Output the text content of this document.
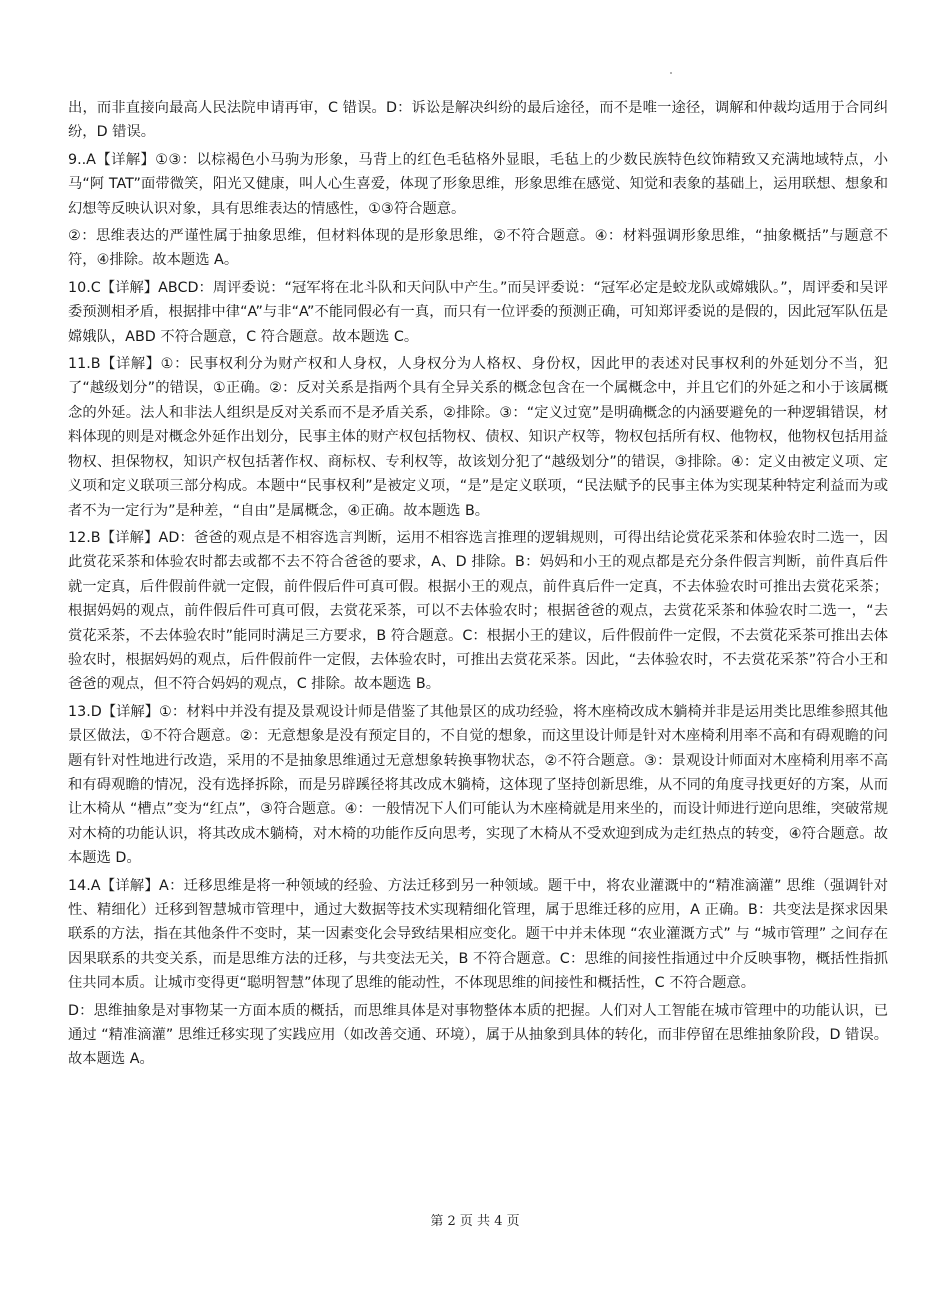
出，而非直接向最高人民法院申请再审，C 错误。D：诉讼是解决纠纷的最后途径，而不是唯一途径，调解和仲裁均适用于合同纠纷，D 错误。

9..A【详解】①③：以棕褐色小马驹为形象，马背上的红色毛毡格外显眼，毛毡上的少数民族特色纹饰精致又充满地域特点，小马“阿 TAT”面带微笑，阳光又健康，叫人心生喜爱，体现了形象思维，形象思维在感觉、知觉和表象的基础上，运用联想、想象和幻想等反映认识对象，具有思维表达的情感性，①③符合题意。

②：思维表达的严谨性属于抽象思维，但材料体现的是形象思维，②不符合题意。④：材料强调形象思维，“抽象概括”与题意不符，④排除。故本题选 A。

10.C【详解】ABCD：周评委说：“冠军将在北斗队和天问队中产生。”而吴评委说：“冠军必定是蛟龙队或嫦娥队。”，周评委和吴评委预测相矛盾，根据排中律“A”与非“A”不能同假必有一真，而只有一位评委的预测正确，可知郑评委说的是假的，因此冠军队伍是嫦娥队，ABD 不符合题意，C 符合题意。故本题选 C。

11.B【详解】①：民事权利分为财产权和人身权，人身权分为人格权、身份权，因此甲的表述对民事权利的外延划分不当，犯了“越级划分”的错误，①正确。②：反对关系是指两个具有全异关系的概念包含在一个属概念中，并且它们的外延之和小于该属概念的外延。法人和非法人组织是反对关系而不是矛盾关系，②排除。③：“定义过宽”是明确概念的内涵要避免的一种逻辑错误，材料体现的则是对概念外延作出划分，民事主体的财产权包括物权、债权、知识产权等，物权包括所有权、他物权，他物权包括用益物权、担保物权，知识产权包括著作权、商标权、专利权等，故该划分犯了“越级划分”的错误，③排除。④：定义由被定义项、定义项和定义联项三部分构成。本题中“民事权利”是被定义项，“是”是定义联项，“民法赋予的民事主体为实现某种特定利益而为或者不为一定行为”是种差，“自由”是属概念，④正确。故本题选 B。

12.B【详解】AD：爸爸的观点是不相容选言判断，运用不相容选言推理的逻辑规则，可得出结论赏花采茶和体验农时二选一，因此赏花采茶和体验农时都去或都不去不符合爸爸的要求，A、D 排除。B：妈妈和小王的观点都是充分条件假言判断，前件真后件就一定真，后件假前件就一定假，前件假后件可真可假。根据小王的观点，前件真后件一定真，不去体验农时可推出去赏花采茶；根据妈妈的观点，前件假后件可真可假，去赏花采茶，可以不去体验农时；根据爸爸的观点，去赏花采茶和体验农时二选一，“去赏花采茶，不去体验农时”能同时满足三方要求，B 符合题意。C：根据小王的建议，后件假前件一定假，不去赏花采茶可推出去体验农时，根据妈妈的观点，后件假前件一定假，去体验农时，可推出去赏花采茶。因此，“去体验农时，不去赏花采茶”符合小王和爸爸的观点，但不符合妈妈的观点，C 排除。故本题选 B。

13.D【详解】①：材料中并没有提及景观设计师是借鉴了其他景区的成功经验，将木座椅改成木躺椅并非是运用类比思维参照其他景区做法，①不符合题意。②：无意想象是没有预定目的，不自觉的想象，而这里设计师是针对木座椅利用率不高和有碍观瞻的问题有针对性地进行改造，采用的不是抽象思维通过无意想象转换事物状态，②不符合题意。③：景观设计师面对木座椅利用率不高和有碍观瞻的情况，没有选择拆除，而是另辟蹊径将其改成木躺椅，这体现了坚持创新思维，从不同的角度寻找更好的方案，从而让木椅从 “槽点”变为“红点”，③符合题意。④：一般情况下人们可能认为木座椅就是用来坐的，而设计师进行逆向思维，突破常规对木椅的功能认识，将其改成木躺椅，对木椅的功能作反向思考，实现了木椅从不受欢迎到成为走红热点的转变，④符合题意。故本题选 D。

14.A【详解】A：迁移思维是将一种领域的经验、方法迁移到另一种领域。题干中，将农业灌溉中的“精准滴灌” 思维（强调针对性、精细化）迁移到智慧城市管理中，通过大数据等技术实现精细化管理，属于思维迁移的应用，A 正确。B：共变法是探求因果联系的方法，指在其他条件不变时，某一因素变化会导致结果相应变化。题干中并未体现 “农业灌溉方式” 与 “城市管理” 之间存在因果联系的共变关系，而是思维方法的迁移，与共变法无关，B 不符合题意。C：思维的间接性指通过中介反映事物，概括性指抓住共同本质。让城市变得更“聪明智慧”体现了思维的能动性，不体现思维的间接性和概括性，C 不符合题意。

D：思维抽象是对事物某一方面本质的概括，而思维具体是对事物整体本质的把握。人们对人工智能在城市管理中的功能认识，已通过 “精准滴灌” 思维迁移实现了实践应用（如改善交通、环境），属于从抽象到具体的转化，而非停留在思维抽象阶段，D 错误。故本题选 A。

第 2 页 共 4 页
